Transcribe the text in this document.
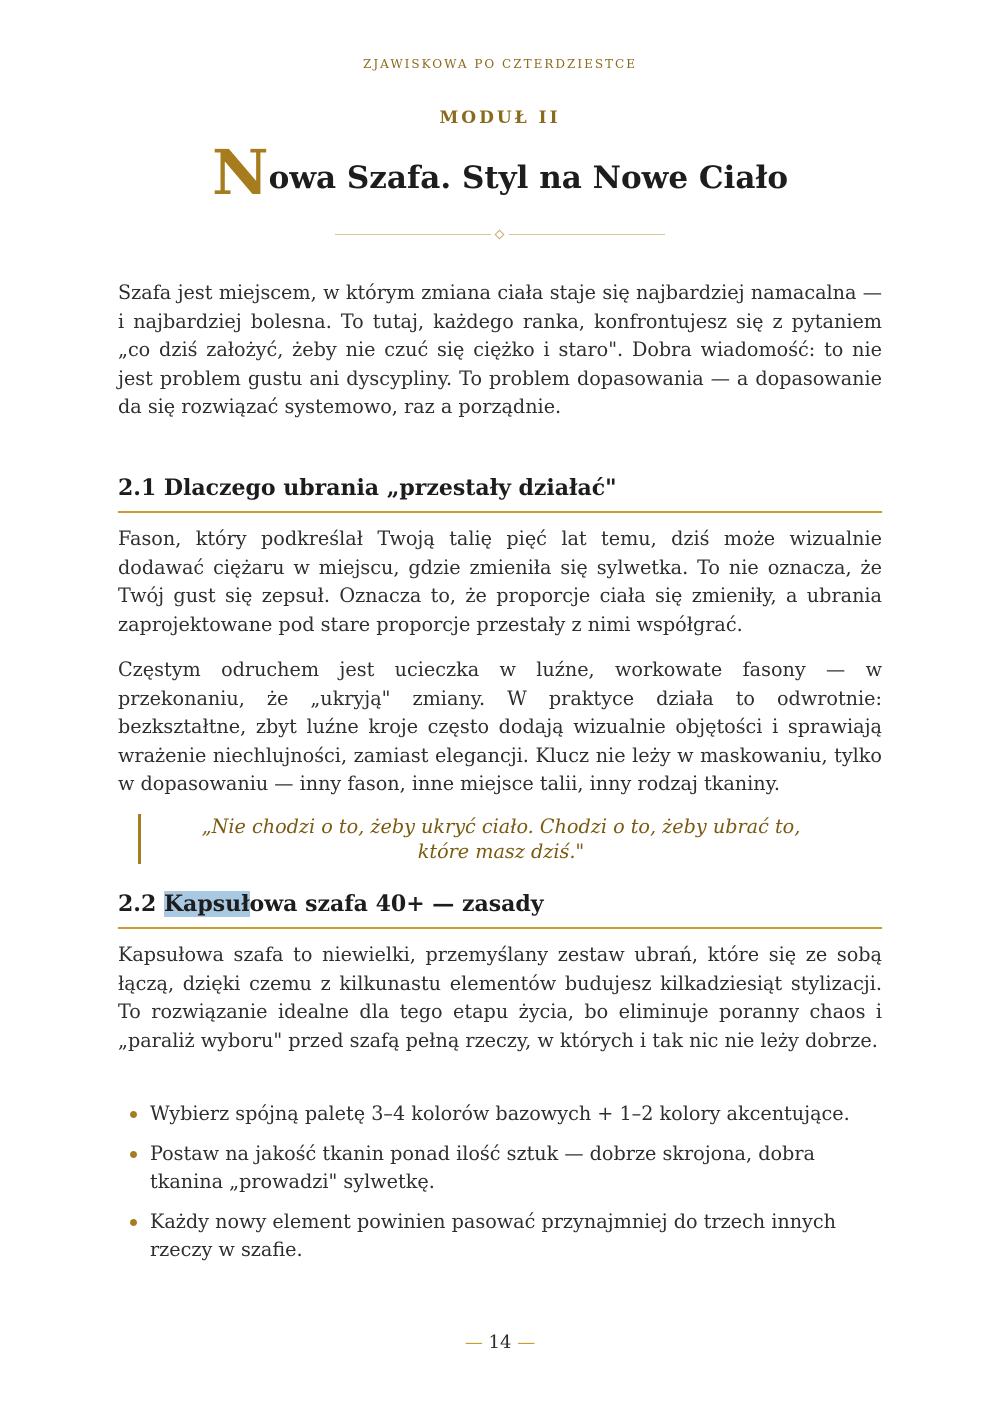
ZJAWISKOWA PO CZTERDZIESTCE
MODUŁ II
Nowa Szafa. Styl na Nowe Ciało

Szafa jest miejscem, w którym zmiana ciała staje się najbardziej namacalna — i najbardziej bolesna. To tutaj, każdego ranka, konfrontujesz się z pytaniem „co dziś założyć, żeby nie czuć się ciężko i staro". Dobra wiadomość: to nie jest problem gustu ani dyscypliny. To problem dopasowania — a dopasowanie da się rozwiązać systemowo, raz a porządnie.

2.1 Dlaczego ubrania „przestały działać"

Fason, który podkreślał Twoją talię pięć lat temu, dziś może wizualnie dodawać ciężaru w miejscu, gdzie zmieniła się sylwetka. To nie oznacza, że Twój gust się zepsuł. Oznacza to, że proporcje ciała się zmieniły, a ubrania zaprojektowane pod stare proporcje przestały z nimi współgrać.

Częstym odruchem jest ucieczka w luźne, workowate fasony — w przekonaniu, że „ukryją" zmiany. W praktyce działa to odwrotnie: bezkształtne, zbyt luźne kroje często dodają wizualnie objętości i sprawiają wrażenie niechlujności, zamiast elegancji. Klucz nie leży w maskowaniu, tylko w dopasowaniu — inny fason, inne miejsce talii, inny rodzaj tkaniny.

„Nie chodzi o to, żeby ukryć ciało. Chodzi o to, żeby ubrać to,
które masz dziś."
2.2 Kapsułowa szafa 40+ — zasady

Kapsułowa szafa to niewielki, przemyślany zestaw ubrań, które się ze sobą łączą, dzięki czemu z kilkunastu elementów budujesz kilkadziesiąt stylizacji. To rozwiązanie idealne dla tego etapu życia, bo eliminuje poranny chaos i „paraliż wyboru" przed szafą pełną rzeczy, w których i tak nic nie leży dobrze.

Wybierz spójną paletę 3–4 kolorów bazowych + 1–2 kolory akcentujące.
Postaw na jakość tkanin ponad ilość sztuk — dobrze skrojona, dobra tkanina „prowadzi" sylwetkę.
Każdy nowy element powinien pasować przynajmniej do trzech innych rzeczy w szafie.
— 14 —
